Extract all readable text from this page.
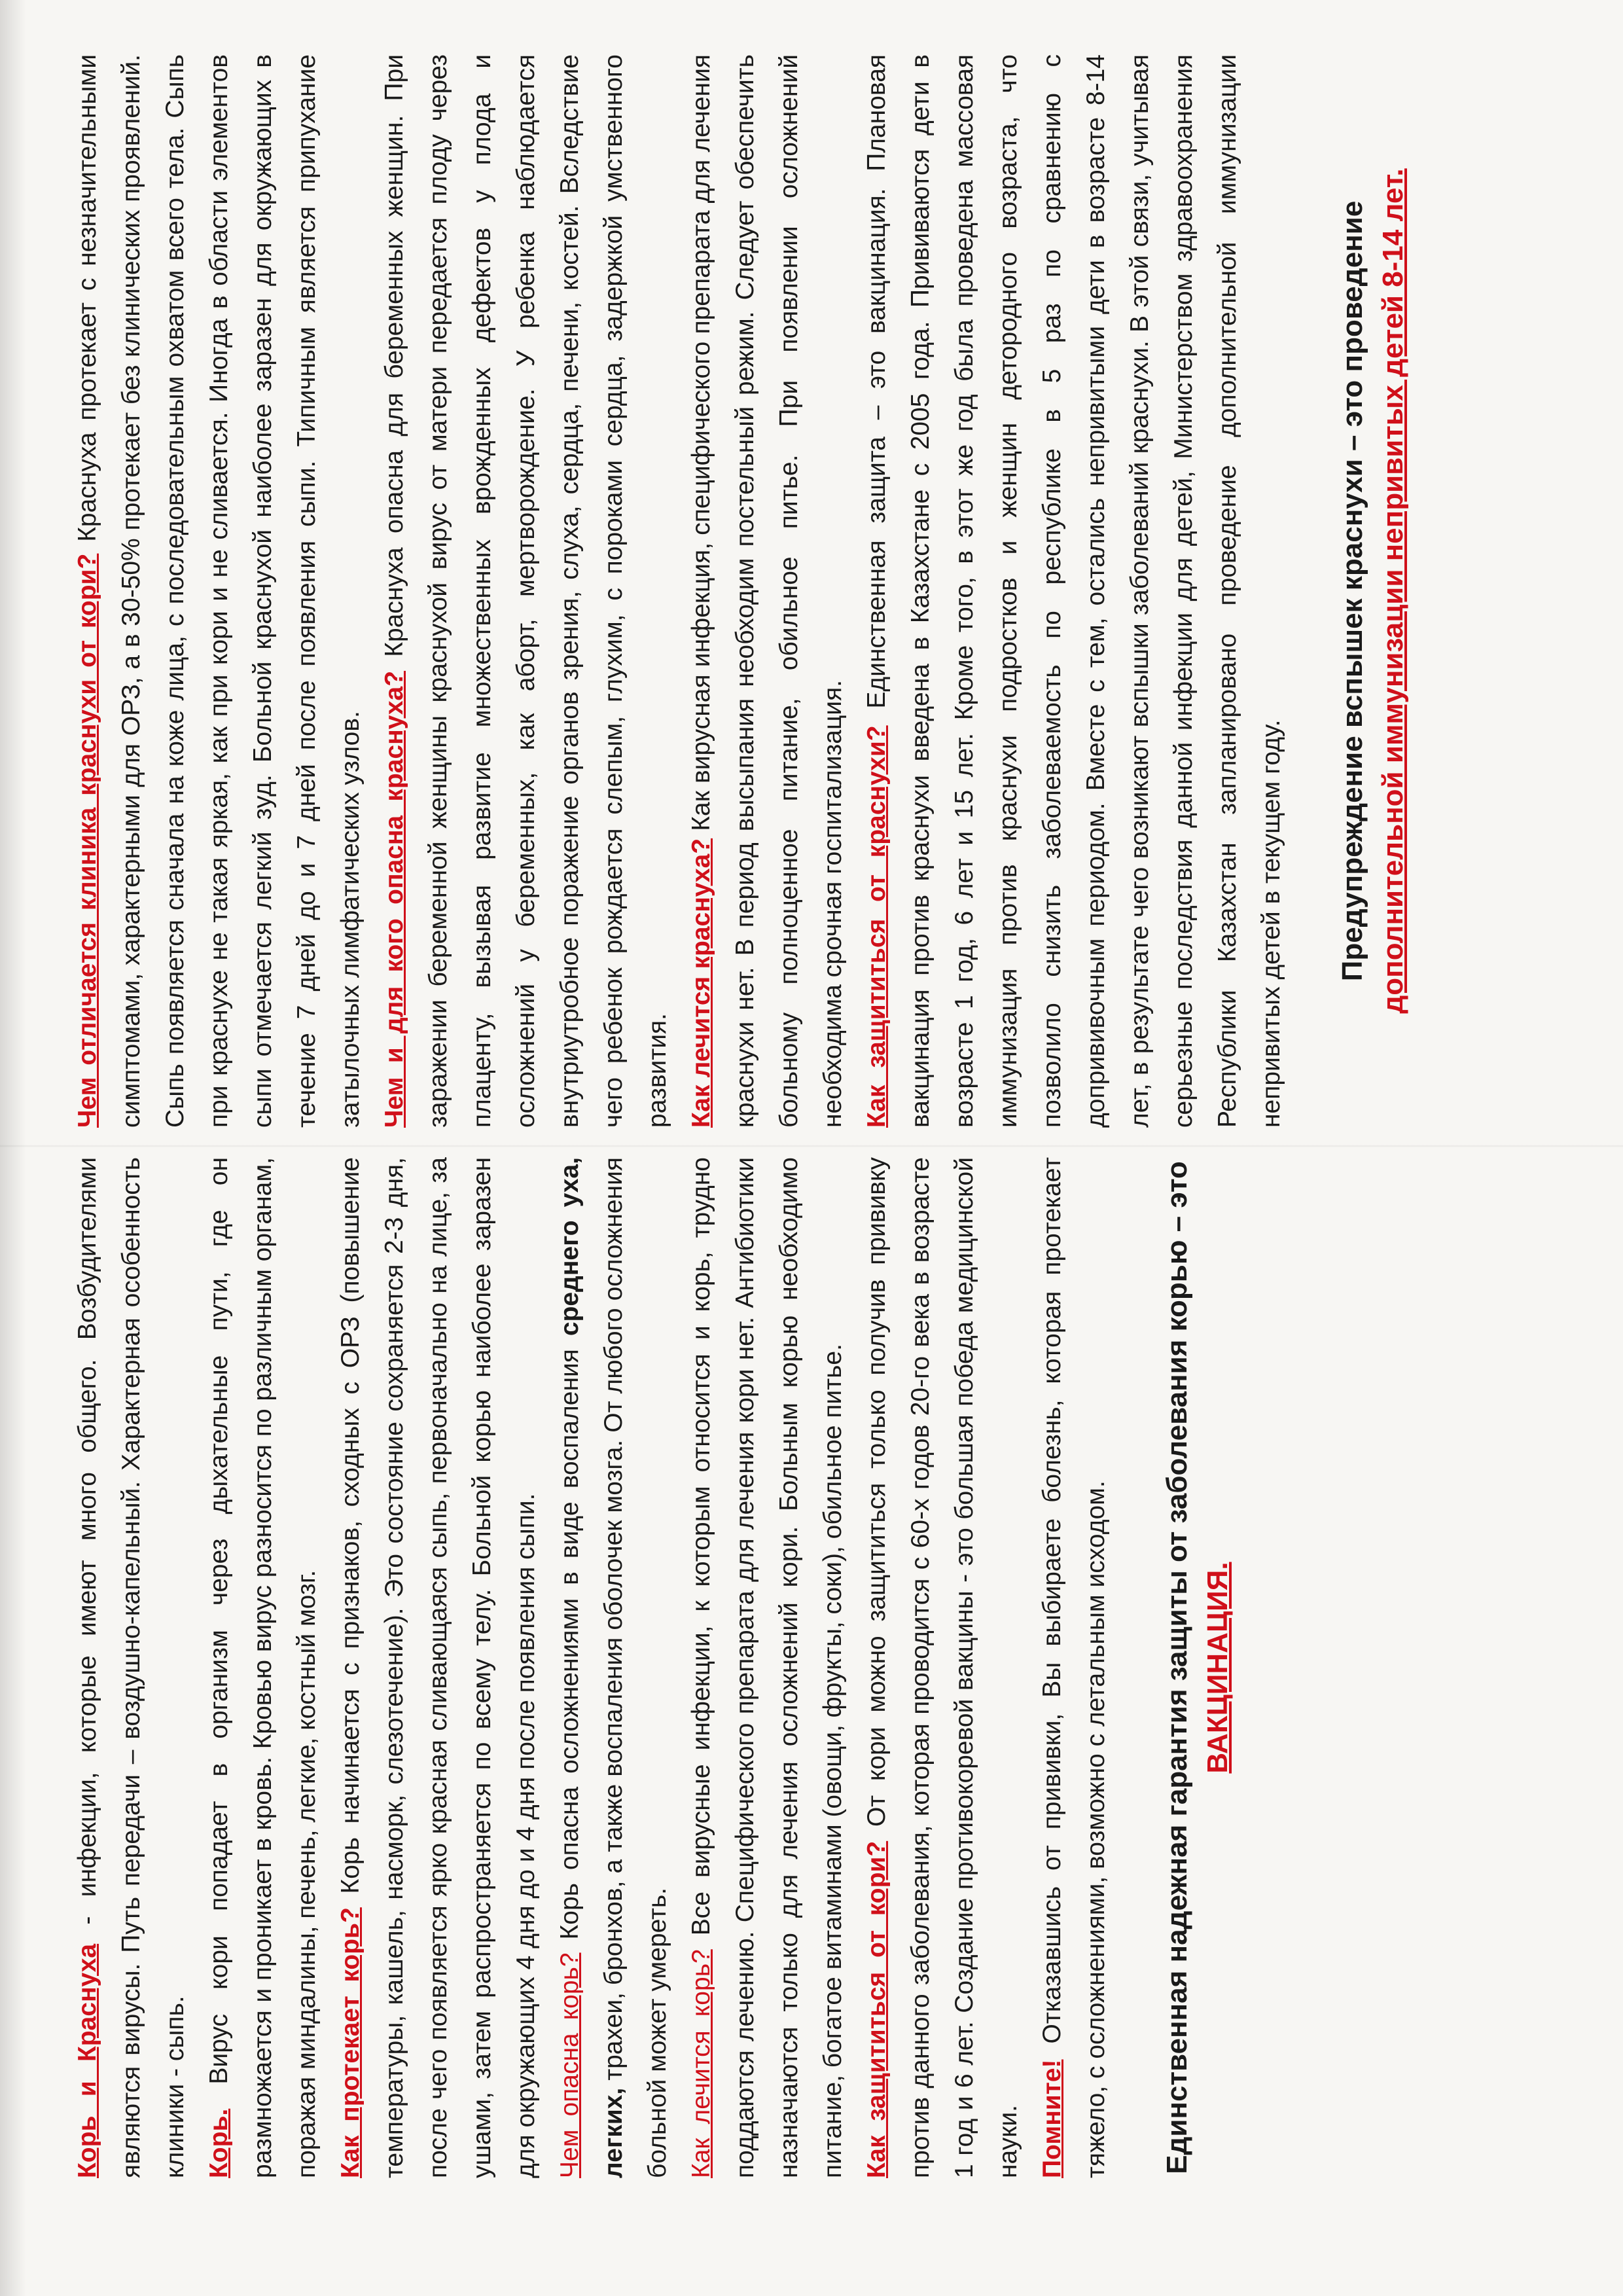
Корь и Краснуха - инфекции, которые имеют много общего. Возбудителями являются вирусы. Путь передачи – воздушно-капельный. Характерная особенность клиники - сыпь. Корь. Вирус кори попадает в организм через дыхательные пути, где он размножается и проникает в кровь. Кровью вирус разносится по различным органам, поражая миндалины, печень, легкие, костный мозг. Как протекает корь? Корь начинается с признаков, сходных с ОРЗ (повышение температуры, кашель, насморк, слезотечение). Это состояние сохраняется 2-3 дня, после чего появляется ярко красная сливающаяся сыпь, первоначально на лице, за ушами, затем распространяется по всему телу. Больной корью наиболее заразен для окружающих 4 дня до и 4 дня после появления сыпи. Чем опасна корь? Корь опасна осложнениями в виде воспаления среднего уха, легких, трахеи, бронхов, а также воспаления оболочек мозга. От любого осложнения больной может умереть. Как лечится корь? Все вирусные инфекции, к которым относится и корь, трудно поддаются лечению. Специфического препарата для лечения кори нет. Антибиотики назначаются только для лечения осложнений кори. Больным корью необходимо питание, богатое витаминами (овощи, фрукты, соки), обильное питье. Как защититься от кори? От кори можно защититься только получив прививку против данного заболевания, которая проводится с 60-х годов 20-го века в возрасте 1 год и 6 лет. Создание противокоревой вакцины - это большая победа медицинской науки. Помните! Отказавшись от прививки, Вы выбираете болезнь, которая протекает тяжело, с осложнениями, возможно с летальным исходом. Единственная надежная гарантия защиты от заболевания корью – это ВАКЦИНАЦИЯ.

Чем отличается клиника краснухи от кори? Краснуха протекает с незначительными симптомами, характерными для ОРЗ, а в 30-50% протекает без клинических проявлений. Сыпь появляется сначала на коже лица, с последовательным охватом всего тела. Сыпь при краснухе не такая яркая, как при кори и не сливается. Иногда в области элементов сыпи отмечается легкий зуд. Больной краснухой наиболее заразен для окружающих в течение 7 дней до и 7 дней после появления сыпи. Типичным является припухание затылочных лимфатических узлов. Чем и для кого опасна краснуха? Краснуха опасна для беременных женщин. При заражении беременной женщины краснухой вирус от матери передается плоду через плаценту, вызывая развитие множественных врожденных дефектов у плода и осложнений у беременных, как аборт, мертворождение. У ребенка наблюдается внутриутробное поражение органов зрения, слуха, сердца, печени, костей. Вследствие чего ребенок рождается слепым, глухим, с пороками сердца, задержкой умственного развития. Как лечится краснуха? Как вирусная инфекция, специфического препарата для лечения краснухи нет. В период высыпания необходим постельный режим. Следует обеспечить больному полноценное питание, обильное питье. При появлении осложнений необходима срочная госпитализация. Как защититься от краснухи? Единственная защита – это вакцинация. Плановая вакцинация против краснухи введена в Казахстане с 2005 года. Прививаются дети в возрасте 1 год, 6 лет и 15 лет. Кроме того, в этот же год была проведена массовая иммунизация против краснухи подростков и женщин детородного возраста, что позволило снизить заболеваемость по республике в 5 раз по сравнению с допрививочным периодом. Вместе с тем, остались непривитыми дети в возрасте 8-14 лет, в результате чего возникают вспышки заболеваний краснухи. В этой связи, учитывая серьезные последствия данной инфекции для детей, Министерством здравоохранения Республики Казахстан запланировано проведение дополнительной иммунизации непривитых детей в текущем году. Предупреждение вспышек краснухи – это проведение дополнительной иммунизации непривитых детей 8-14 лет.
